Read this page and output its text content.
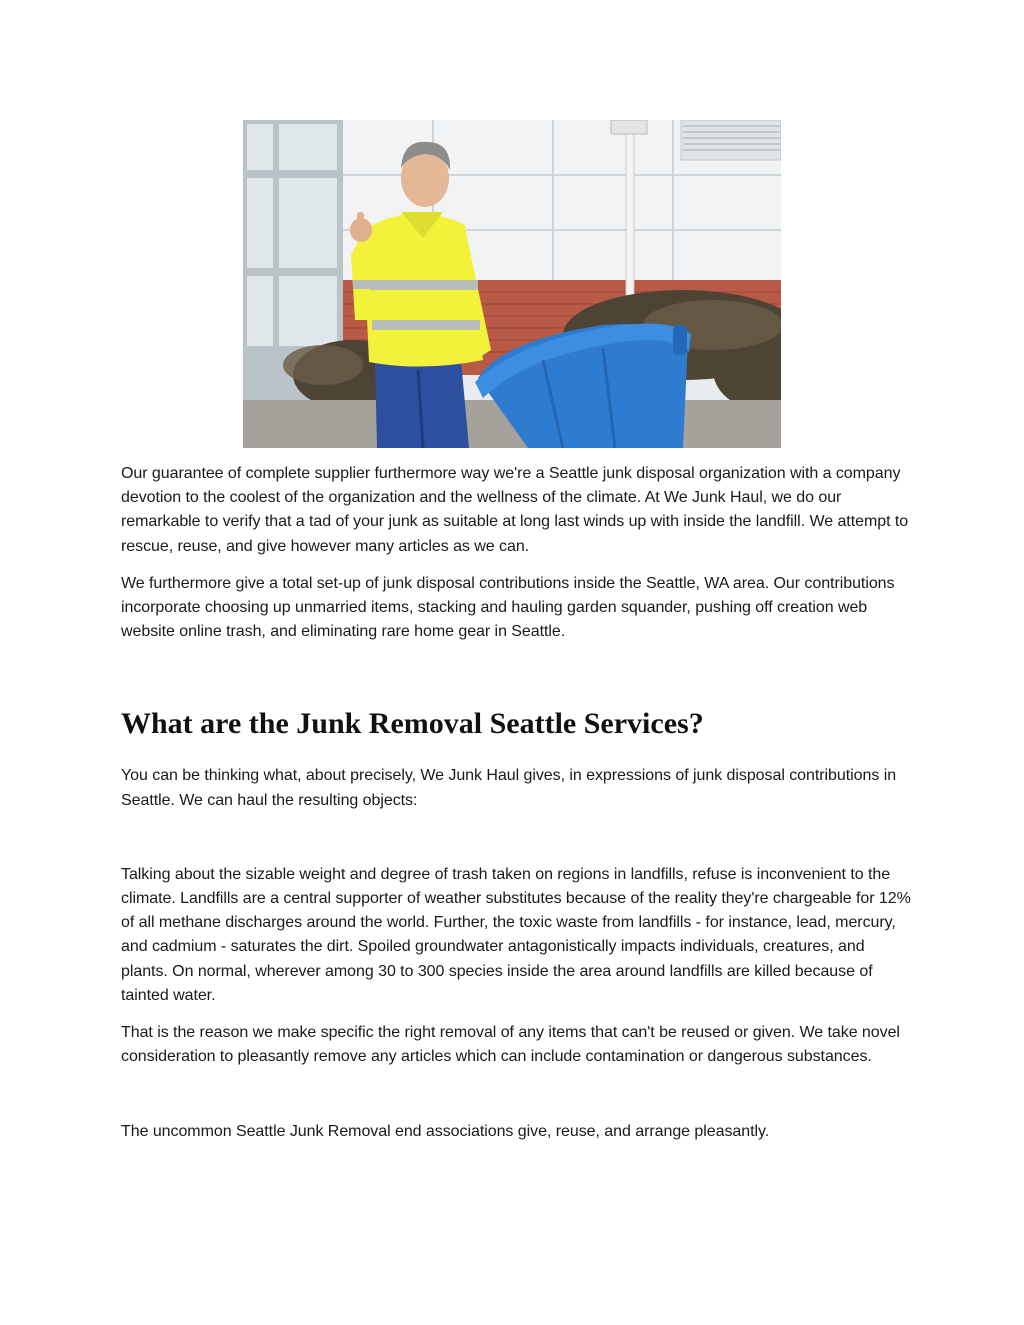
Our guarantee of complete supplier furthermore way we're a Seattle junk disposal organization with a company devotion to the coolest of the organization and the wellness of the climate. At We Junk Haul, we do our remarkable to verify that a tad of your junk as suitable at long last winds up with inside the landfill. We attempt to rescue, reuse, and give however many articles as we can.

We furthermore give a total set-up of junk disposal contributions inside the Seattle, WA area. Our contributions incorporate choosing up unmarried items, stacking and hauling garden squander, pushing off creation web website online trash, and eliminating rare home gear in Seattle.

What are the Junk Removal Seattle Services?

You can be thinking what, about precisely, We Junk Haul gives, in expressions of junk disposal contributions in Seattle. We can haul the resulting objects:

Talking about the sizable weight and degree of trash taken on regions in landfills, refuse is inconvenient to the climate. Landfills are a central supporter of weather substitutes because of the reality they're chargeable for 12% of all methane discharges around the world. Further, the toxic waste from landfills - for instance, lead, mercury, and cadmium - saturates the dirt. Spoiled groundwater antagonistically impacts individuals, creatures, and plants. On normal, wherever among 30 to 300 species inside the area around landfills are killed because of tainted water.

That is the reason we make specific the right removal of any items that can't be reused or given. We take novel consideration to pleasantly remove any articles which can include contamination or dangerous substances.

The uncommon Seattle Junk Removal end associations give, reuse, and arrange pleasantly.
